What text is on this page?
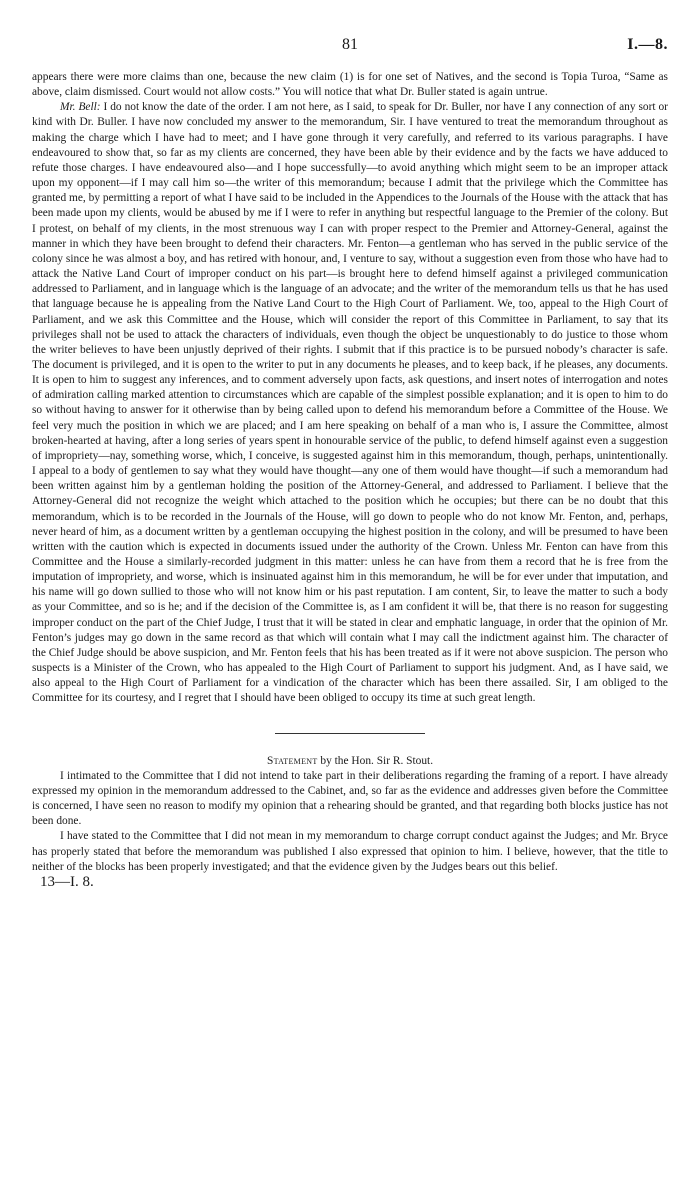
81	I.—8.

appears there were more claims than one, because the new claim (1) is for one set of Natives, and the second is Topia Turoa, “Same as above, claim dismissed. Court would not allow costs.” You will notice that what Dr. Buller stated is again untrue.

Mr. Bell: I do not know the date of the order. I am not here, as I said, to speak for Dr. Buller, nor have I any connection of any sort or kind with Dr. Buller. I have now concluded my answer to the memorandum, Sir. I have ventured to treat the memorandum throughout as making the charge which I have had to meet; and I have gone through it very carefully, and referred to its various paragraphs. I have endeavoured to show that, so far as my clients are concerned, they have been able by their evidence and by the facts we have adduced to refute those charges. I have endeavoured also—and I hope successfully—to avoid anything which might seem to be an improper attack upon my opponent—if I may call him so—the writer of this memorandum; because I admit that the privilege which the Committee has granted me, by permitting a report of what I have said to be included in the Appendices to the Journals of the House with the attack that has been made upon my clients, would be abused by me if I were to refer in anything but respectful language to the Premier of the colony. But I protest, on behalf of my clients, in the most strenuous way I can with proper respect to the Premier and Attorney-General, against the manner in which they have been brought to defend their characters. Mr. Fenton—a gentleman who has served in the public service of the colony since he was almost a boy, and has retired with honour, and, I venture to say, without a suggestion even from those who have had to attack the Native Land Court of improper conduct on his part—is brought here to defend himself against a privileged communication addressed to Parliament, and in language which is the language of an advocate; and the writer of the memorandum tells us that he has used that language because he is appealing from the Native Land Court to the High Court of Parliament. We, too, appeal to the High Court of Parliament, and we ask this Committee and the House, which will consider the report of this Committee in Parliament, to say that its privileges shall not be used to attack the characters of individuals, even though the object be unquestionably to do justice to those whom the writer believes to have been unjustly deprived of their rights. I submit that if this practice is to be pursued nobody’s character is safe. The document is privileged, and it is open to the writer to put in any documents he pleases, and to keep back, if he pleases, any documents. It is open to him to suggest any inferences, and to comment adversely upon facts, ask questions, and insert notes of interrogation and notes of admiration calling marked attention to circumstances which are capable of the simplest possible explanation; and it is open to him to do so without having to answer for it otherwise than by being called upon to defend his memorandum before a Committee of the House. We feel very much the position in which we are placed; and I am here speaking on behalf of a man who is, I assure the Committee, almost broken-hearted at having, after a long series of years spent in honourable service of the public, to defend himself against even a suggestion of impropriety—nay, something worse, which, I conceive, is suggested against him in this memorandum, though, perhaps, unintentionally. I appeal to a body of gentlemen to say what they would have thought—any one of them would have thought—if such a memorandum had been written against him by a gentleman holding the position of the Attorney-General, and addressed to Parliament. I believe that the Attorney-General did not recognize the weight which attached to the position which he occupies; but there can be no doubt that this memorandum, which is to be recorded in the Journals of the House, will go down to people who do not know Mr. Fenton, and, perhaps, never heard of him, as a document written by a gentleman occupying the highest position in the colony, and will be presumed to have been written with the caution which is expected in documents issued under the authority of the Crown. Unless Mr. Fenton can have from this Committee and the House a similarly-recorded judgment in this matter: unless he can have from them a record that he is free from the imputation of impropriety, and worse, which is insinuated against him in this memorandum, he will be for ever under that imputation, and his name will go down sullied to those who will not know him or his past reputation. I am content, Sir, to leave the matter to such a body as your Committee, and so is he; and if the decision of the Committee is, as I am confident it will be, that there is no reason for suggesting improper conduct on the part of the Chief Judge, I trust that it will be stated in clear and emphatic language, in order that the opinion of Mr. Fenton’s judges may go down in the same record as that which will contain what I may call the indictment against him. The character of the Chief Judge should be above suspicion, and Mr. Fenton feels that his has been treated as if it were not above suspicion. The person who suspects is a Minister of the Crown, who has appealed to the High Court of Parliament to support his judgment. And, as I have said, we also appeal to the High Court of Parliament for a vindication of the character which has been there assailed. Sir, I am obliged to the Committee for its courtesy, and I regret that I should have been obliged to occupy its time at such great length.

Statement by the Hon. Sir R. Stout.

I intimated to the Committee that I did not intend to take part in their deliberations regarding the framing of a report. I have already expressed my opinion in the memorandum addressed to the Cabinet, and, so far as the evidence and addresses given before the Committee is concerned, I have seen no reason to modify my opinion that a rehearing should be granted, and that regarding both blocks justice has not been done.

I have stated to the Committee that I did not mean in my memorandum to charge corrupt conduct against the Judges; and Mr. Bryce has properly stated that before the memorandum was published I also expressed that opinion to him. I believe, however, that the title to neither of the blocks has been properly investigated; and that the evidence given by the Judges bears out this belief.

13—I. 8.
